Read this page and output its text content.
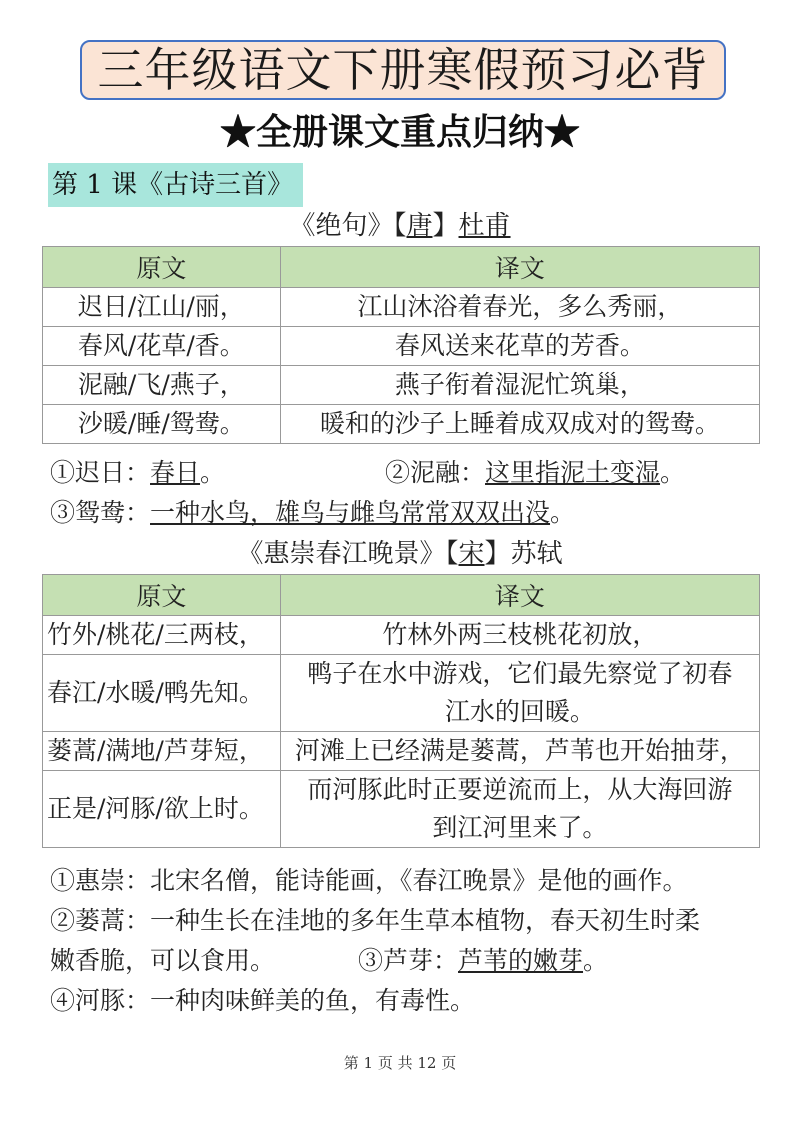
三年级语文下册寒假预习必背
★全册课文重点归纳★
第 1 课《古诗三首》
《绝句》【唐】杜甫
原文	译文
迟日/江山/丽，	江山沐浴着春光，多么秀丽，
春风/花草/香。	春风送来花草的芳香。
泥融/飞/燕子，	燕子衔着湿泥忙筑巢，
沙暖/睡/鸳鸯。	暖和的沙子上睡着成双成对的鸳鸯。
①迟日：春日。	②泥融：这里指泥土变湿。
③鸳鸯：一种水鸟，雄鸟与雌鸟常常双双出没。
《惠崇春江晚景》【宋】苏轼
原文	译文
竹外/桃花/三两枝，	竹林外两三枝桃花初放，
春江/水暖/鸭先知。	鸭子在水中游戏，它们最先察觉了初春
江水的回暖。

蒌蒿/满地/芦芽短，	河滩上已经满是蒌蒿，芦苇也开始抽芽，
正是/河豚/欲上时。	而河豚此时正要逆流而上，从大海回游
到江河里来了。
①惠崇：北宋名僧，能诗能画，《春江晚景》是他的画作。
②蒌蒿：一种生长在洼地的多年生草本植物，春天初生时柔
嫩香脆，可以食用。	③芦芽：芦苇的嫩芽。
④河豚：一种肉味鲜美的鱼，有毒性。
第 1 页 共 12 页
